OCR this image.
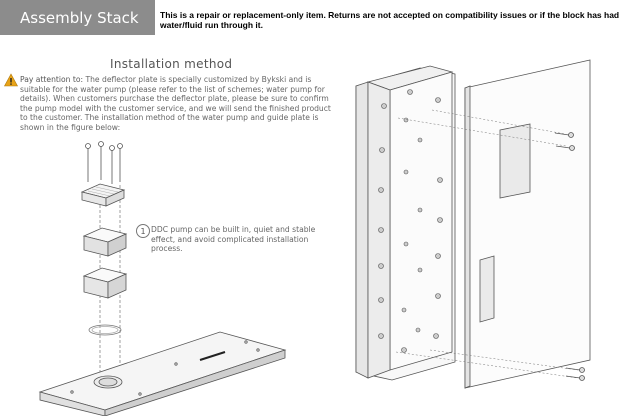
Assembly Stack	This is a repair or replacement-only item. Returns are not accepted on compatibility issues or if the block has had water/fluid run through it.
Installation method
Pay attention to: The deflector plate is specially customized by Bykski and is suitable for the water pump (please refer to the list of schemes; water pump for details). When customers purchase the deflector plate, please be sure to confirm the pump model with the customer service, and we will send the finished product to the customer. The installation method of the water pump and guide plate is shown in the figure below:
1 DDC pump can be built in, quiet and stable effect, and avoid complicated installation process.
